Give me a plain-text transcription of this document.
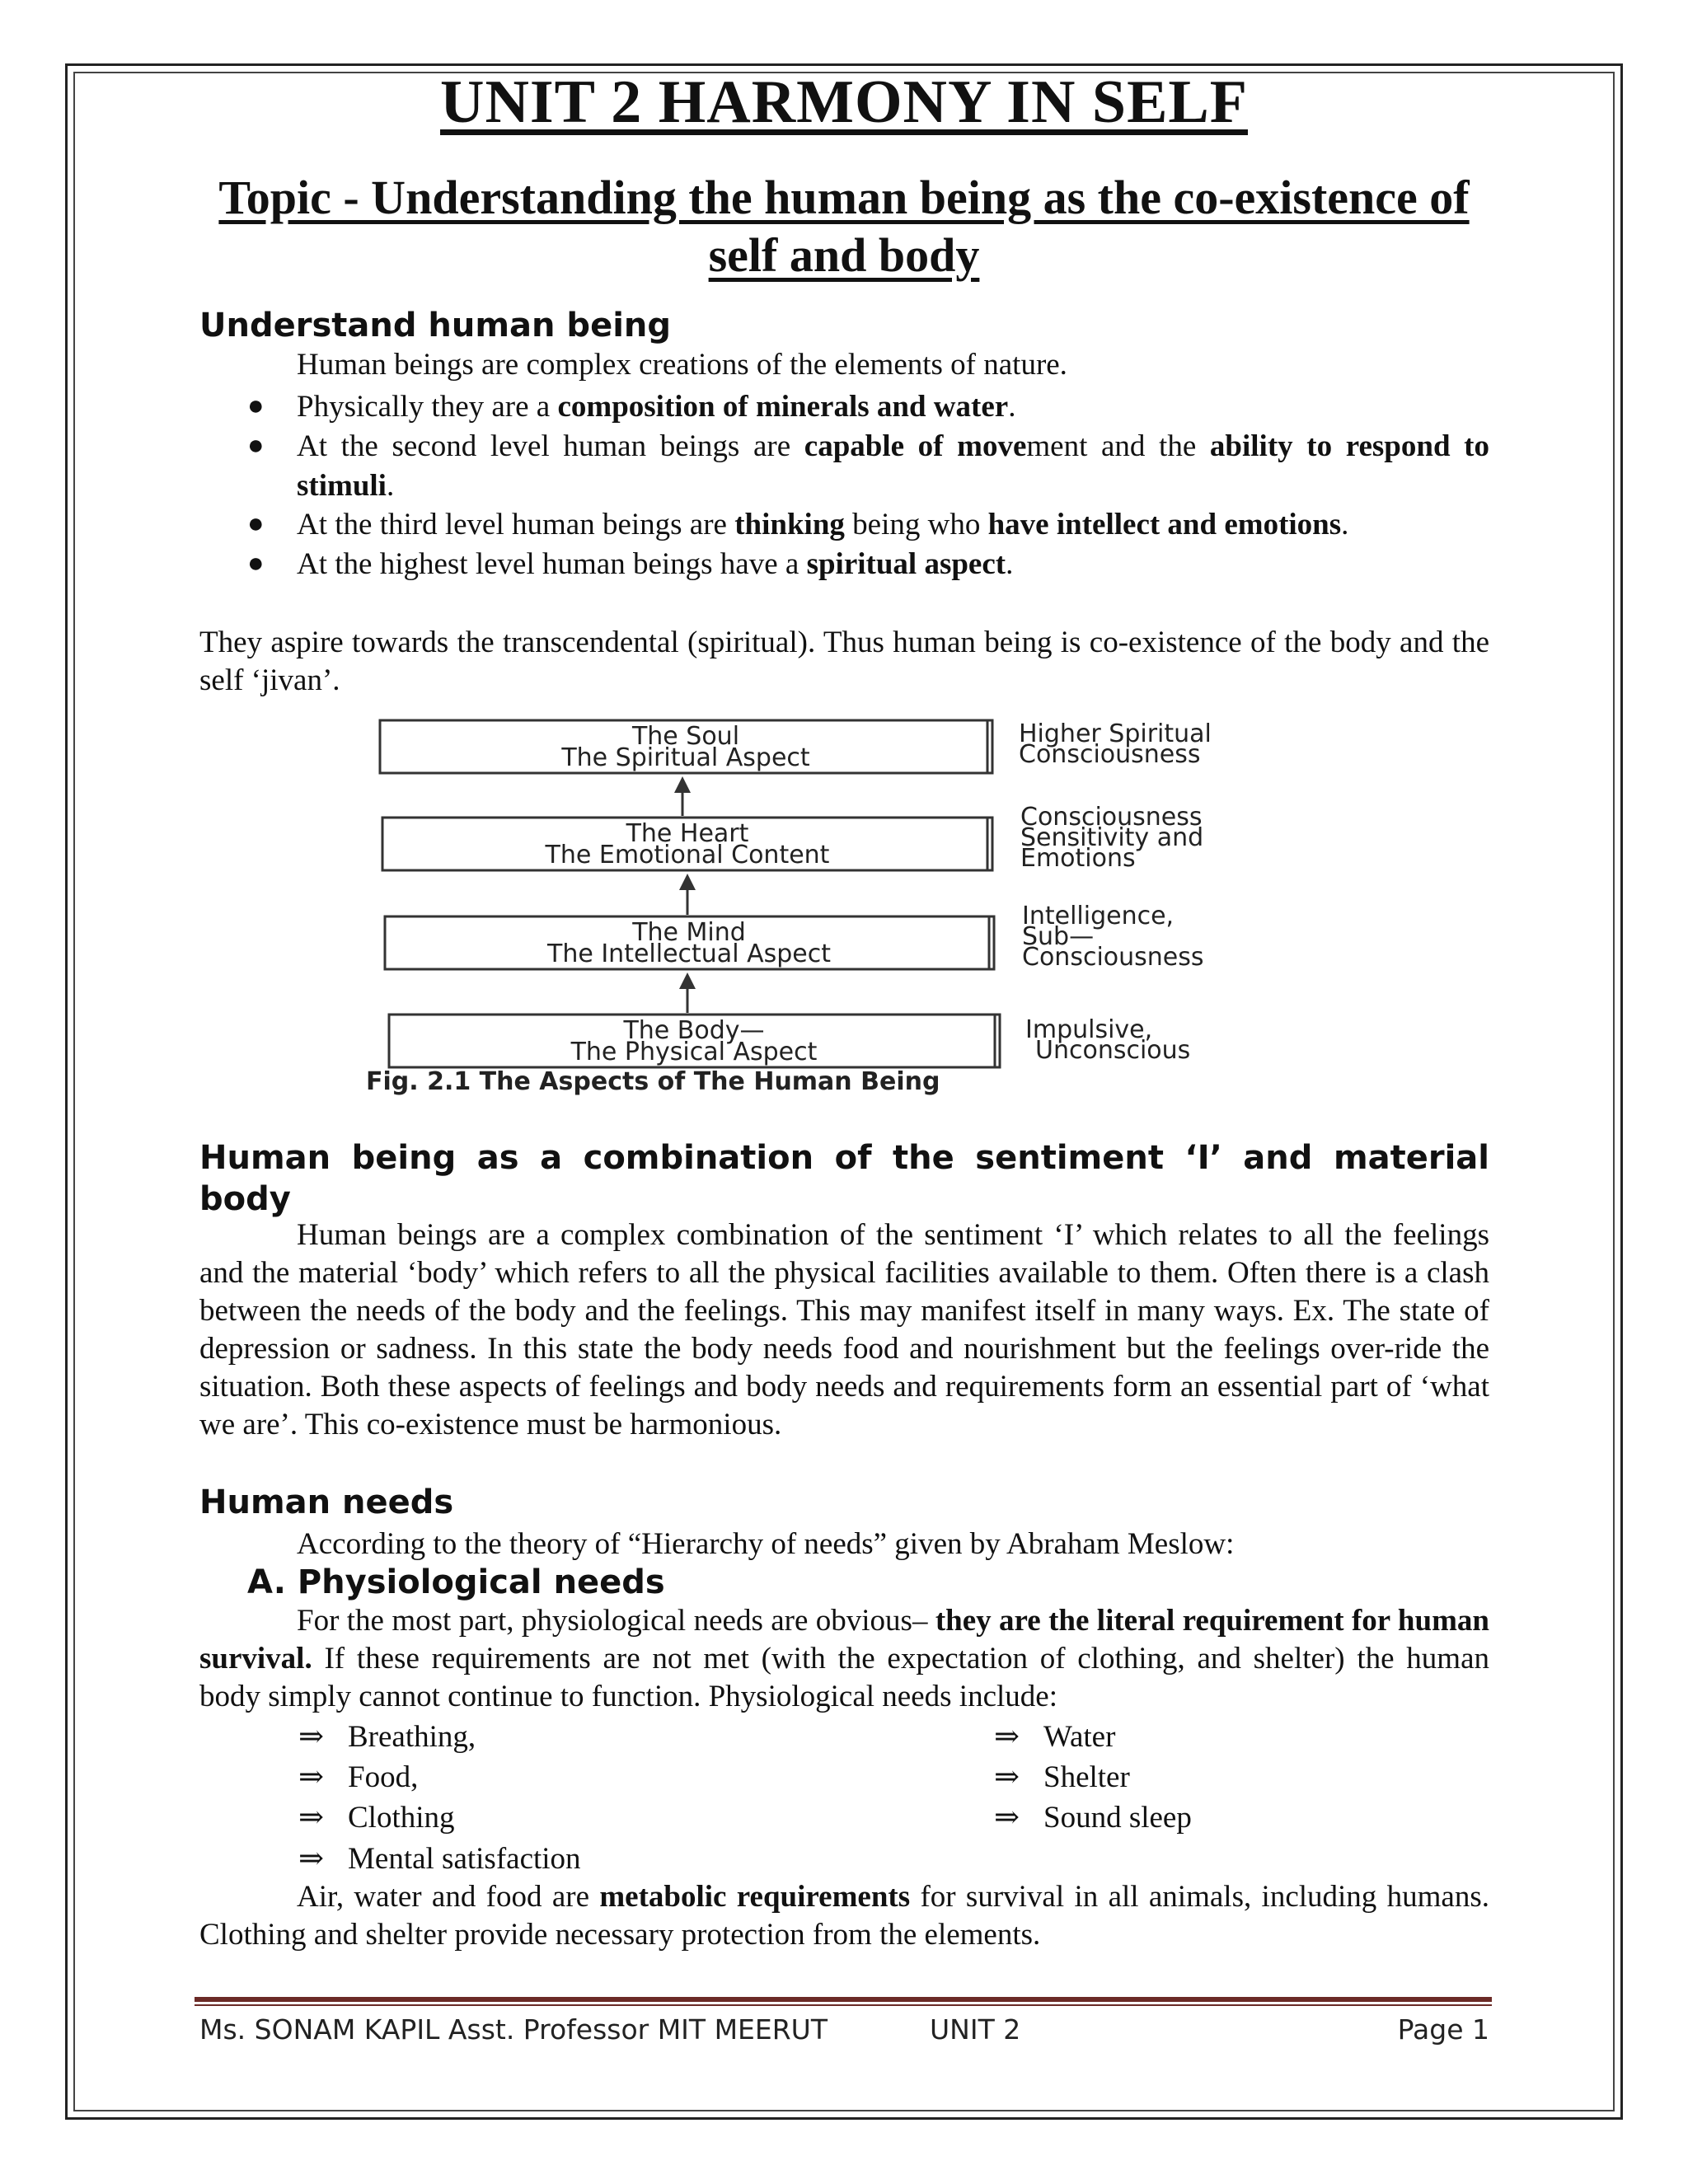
UNIT 2 HARMONY IN SELF
Topic - Understanding the human being as the co-existence of self and body
Understand human being
Human beings are complex creations of the elements of nature.
● Physically they are a composition of minerals and water.
● At the second level human beings are capable of movement and the ability to respond to stimuli.
● At the third level human beings are thinking being who have intellect and emotions.
● At the highest level human beings have a spiritual aspect.
They aspire towards the transcendental (spiritual). Thus human being is co-existence of the body and the self ‘jivan’.
The Soul
The Spiritual Aspect
The Heart
The Emotional Content
The Mind
The Intellectual Aspect
The Body—
The Physical Aspect
Higher Spiritual
Consciousness
Consciousness
Sensitivity and
Emotions
Intelligence,
Sub—
Consciousness
Impulsive,
Unconscious
Fig. 2.1 The Aspects of The Human Being
Human being as a combination of the sentiment ‘I’ and material body
Human beings are a complex combination of the sentiment ‘I’ which relates to all the feelings and the material ‘body’ which refers to all the physical facilities available to them. Often there is a clash between the needs of the body and the feelings. This may manifest itself in many ways. Ex. The state of depression or sadness. In this state the body needs food and nourishment but the feelings over-ride the situation. Both these aspects of feelings and body needs and requirements form an essential part of ‘what we are’. This co-existence must be harmonious.
Human needs
According to the theory of “Hierarchy of needs” given by Abraham Meslow:
A. Physiological needs
For the most part, physiological needs are obvious– they are the literal requirement for human survival. If these requirements are not met (with the expectation of clothing, and shelter) the human body simply cannot continue to function. Physiological needs include:
⇒ Breathing,	⇒ Water
⇒ Food,	⇒ Shelter
⇒ Clothing	⇒ Sound sleep
⇒ Mental satisfaction
Air, water and food are metabolic requirements for survival in all animals, including humans. Clothing and shelter provide necessary protection from the elements.
Ms. SONAM KAPIL Asst. Professor MIT MEERUT	UNIT 2	Page 1
